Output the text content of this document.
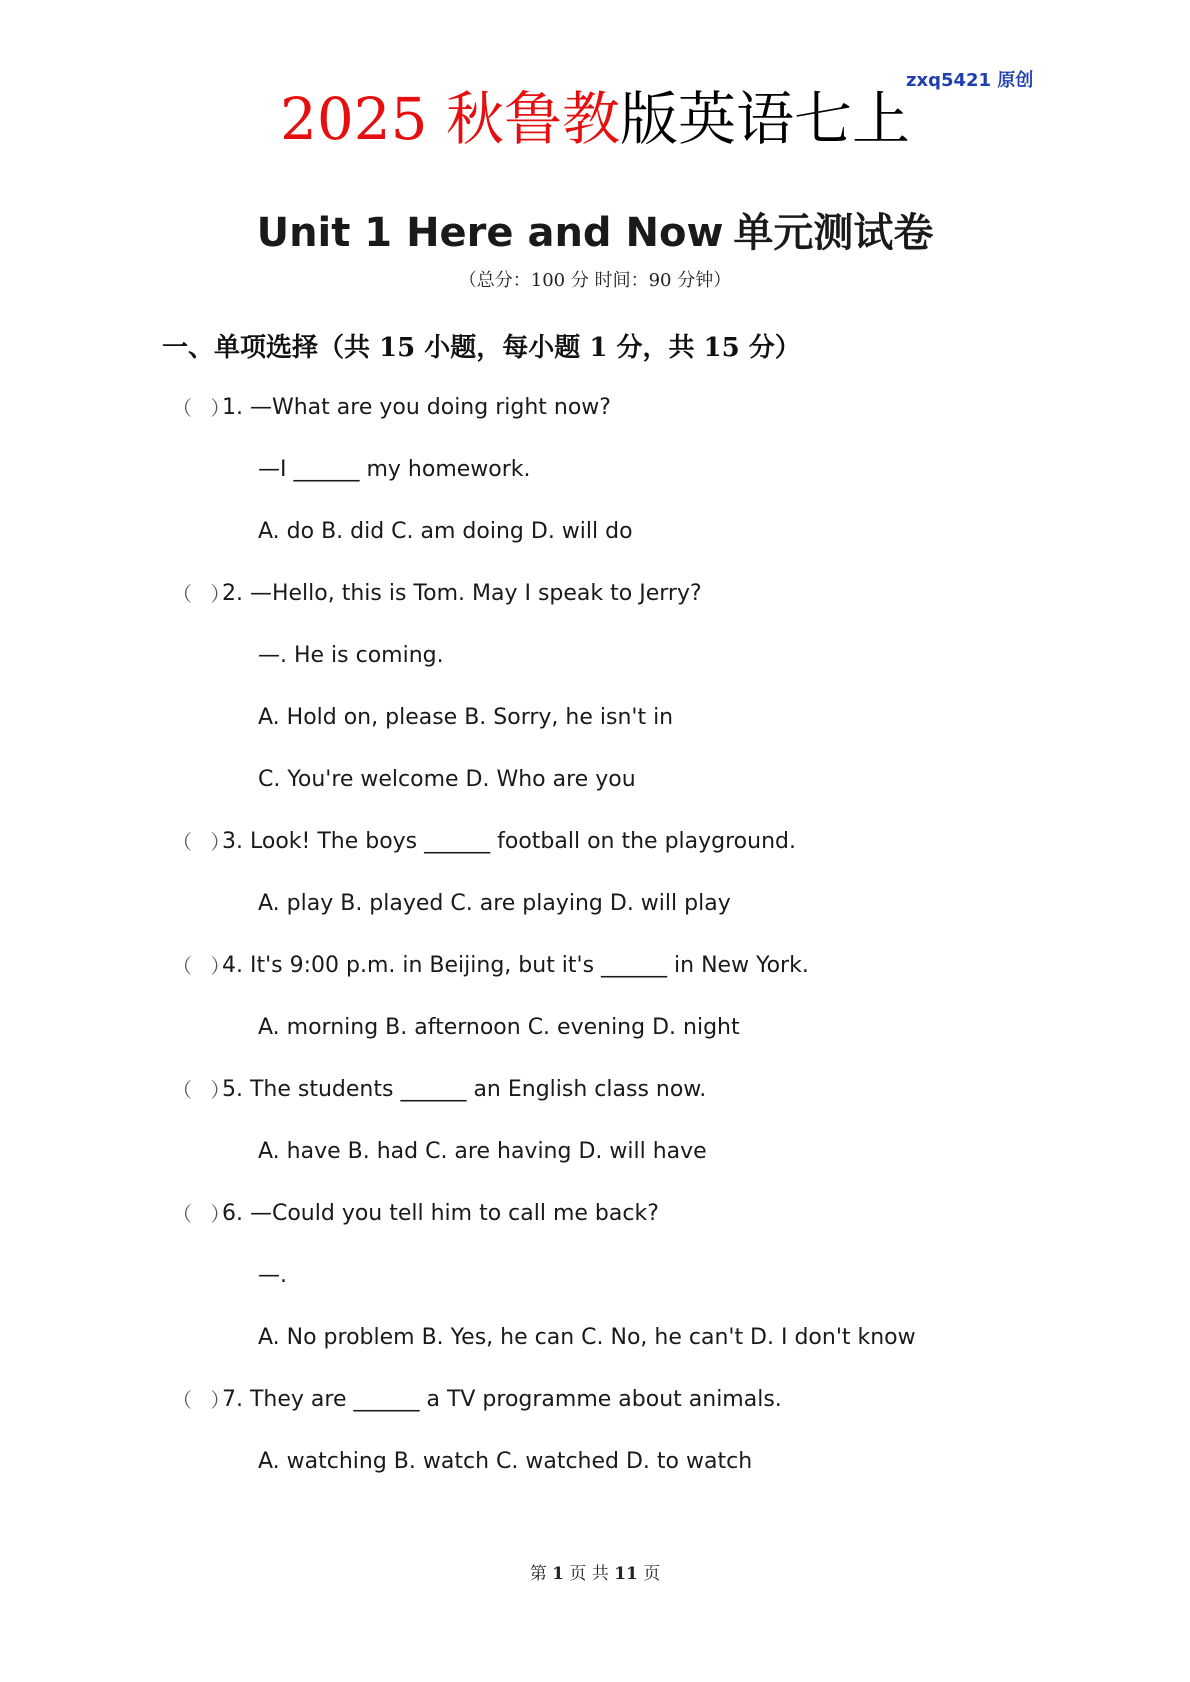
zxq5421 原创
2025 秋鲁教版英语七上
Unit 1 Here and Now 单元测试卷
（总分：100 分 时间：90 分钟）
一、单项选择（共 15 小题，每小题 1 分，共 15 分）
（ ）
1. —What are you doing right now?
—I ______ my homework.
A. do B. did C. am doing D. will do
（ ）
2. —Hello, this is Tom. May I speak to Jerry?
—. He is coming.
A. Hold on, please B. Sorry, he isn't in
C. You're welcome D. Who are you
（ ）
3. Look! The boys ______ football on the playground.
A. play B. played C. are playing D. will play
（ ）
4. It's 9:00 p.m. in Beijing, but it's ______ in New York.
A. morning B. afternoon C. evening D. night
（ ）
5. The students ______ an English class now.
A. have B. had C. are having D. will have
（ ）
6. —Could you tell him to call me back?
—.
A. No problem B. Yes, he can C. No, he can't D. I don't know
（ ）
7. They are ______ a TV programme about animals.
A. watching B. watch C. watched D. to watch
第 1 页 共 11 页
